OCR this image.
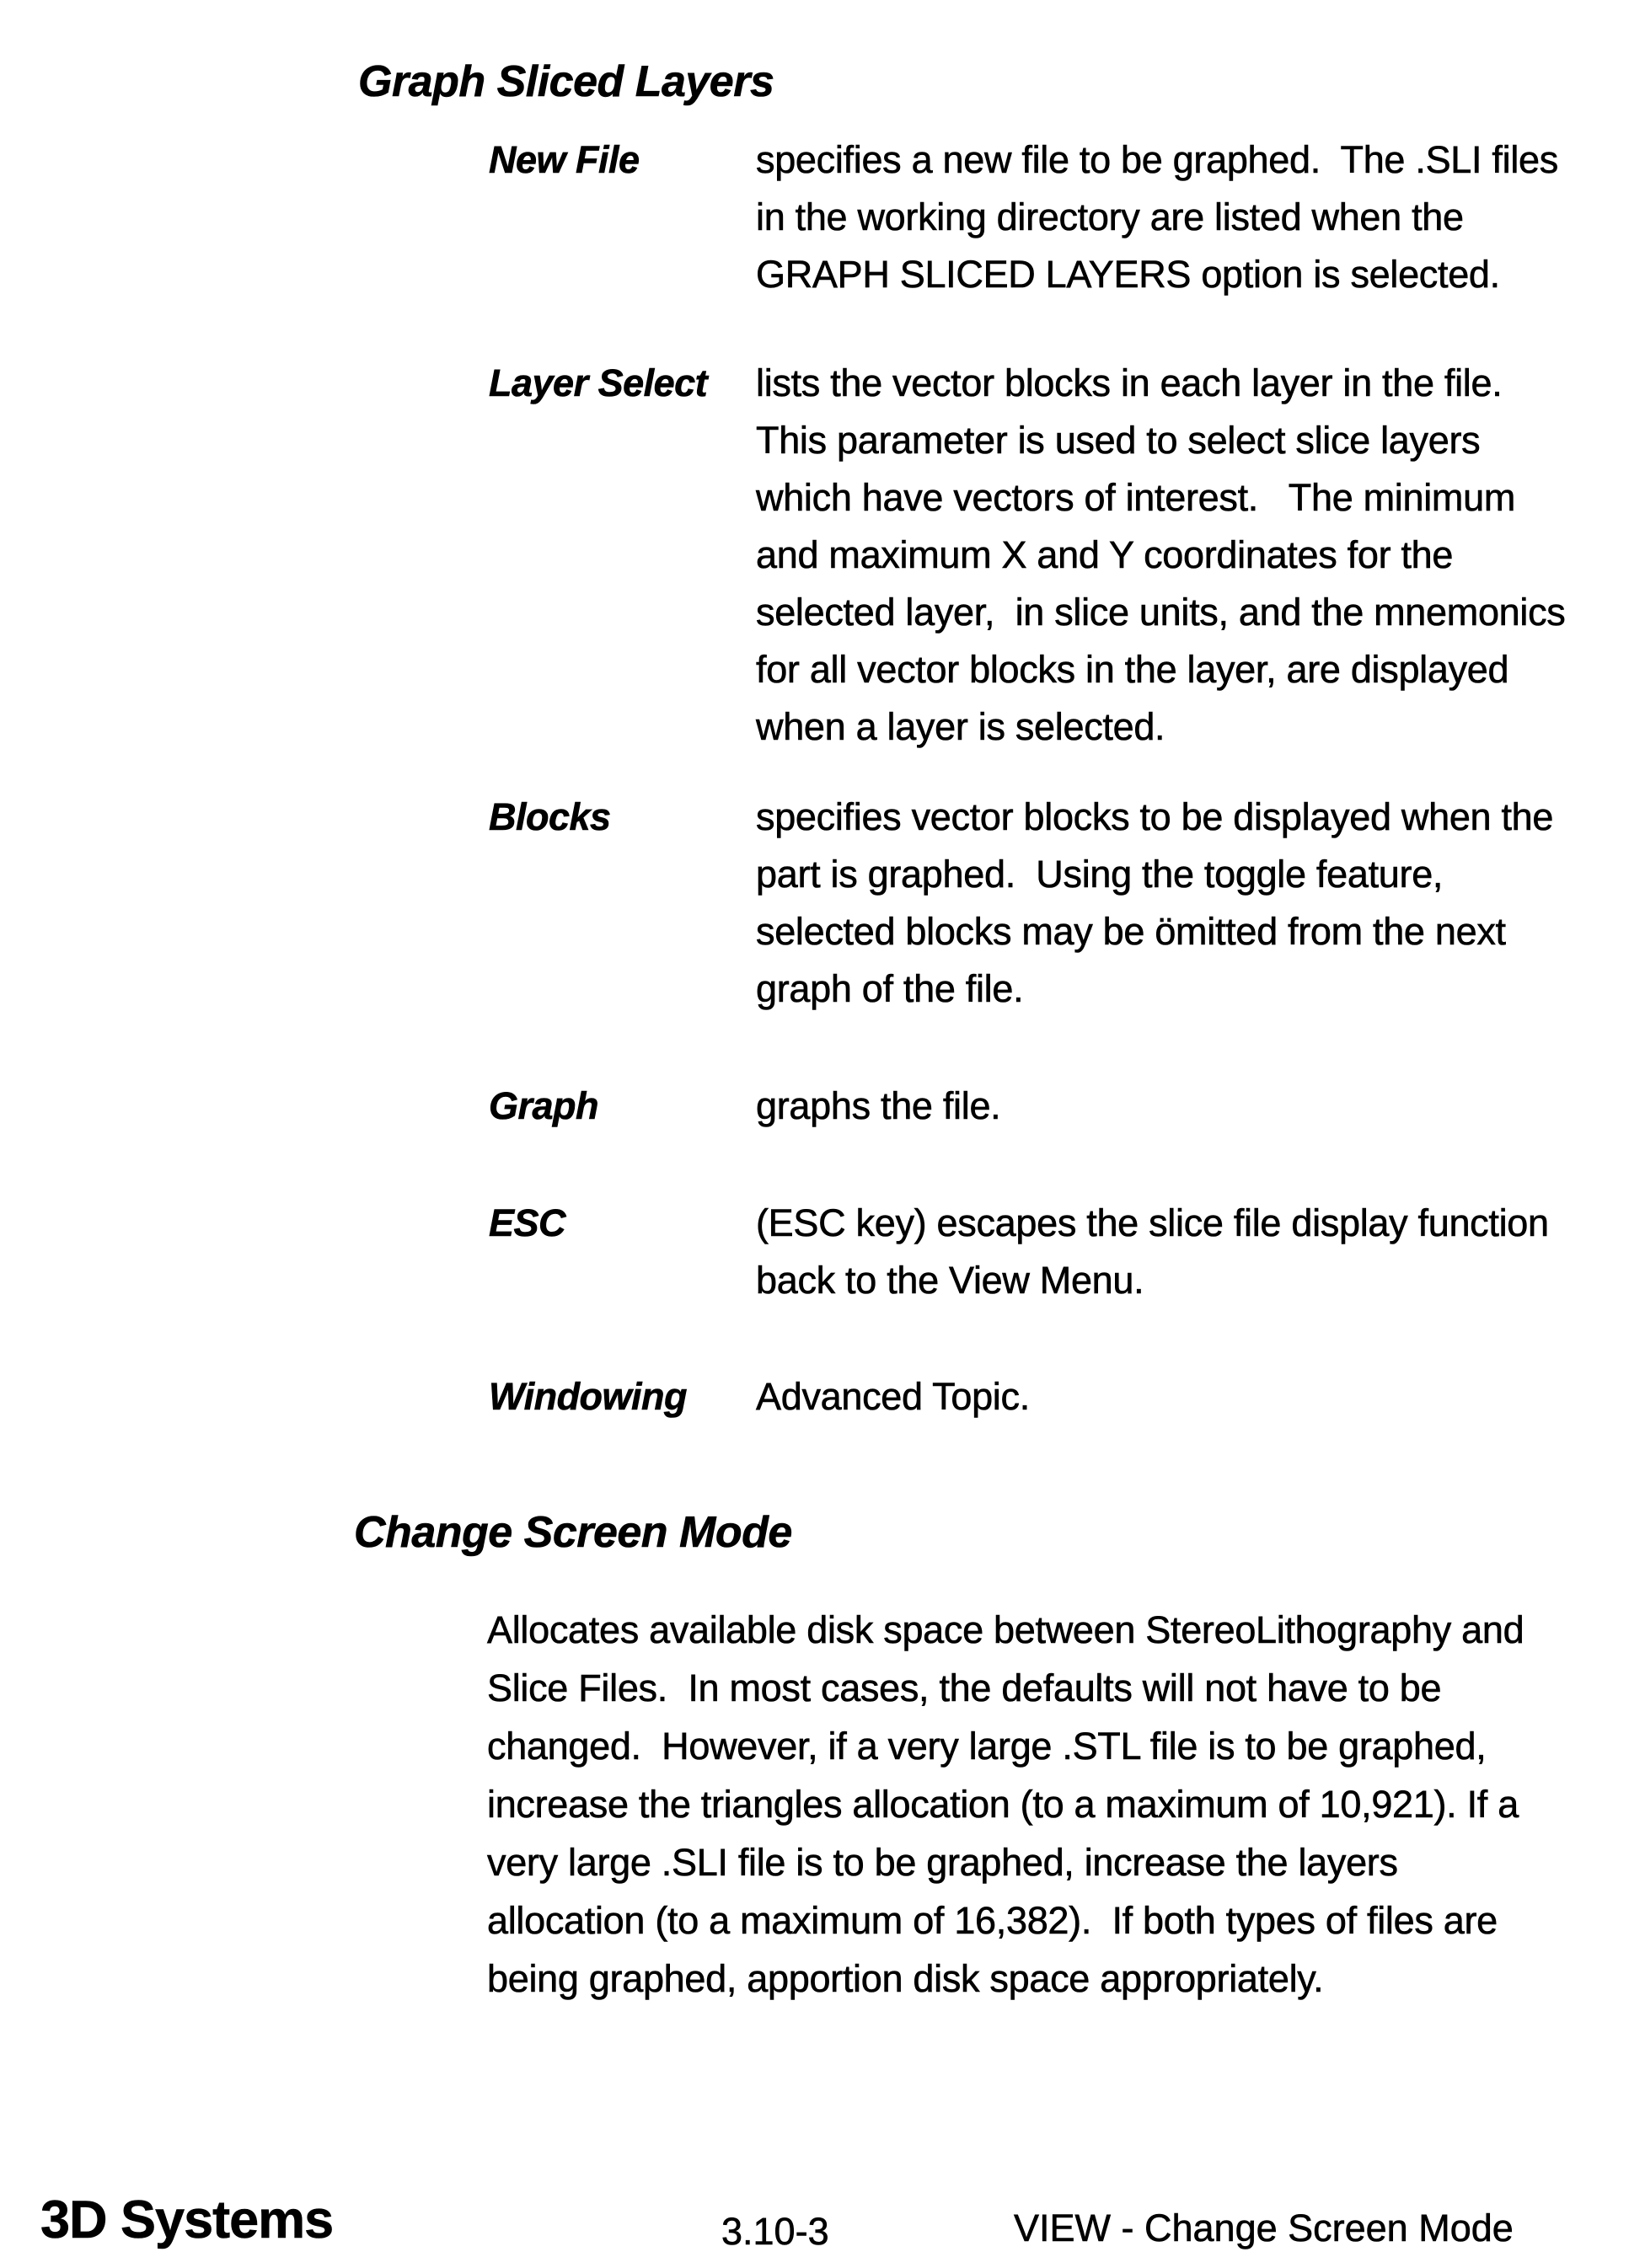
Graph Sliced Layers
New File	specifies a new file to be graphed.  The .SLI files in the working directory are listed when the GRAPH SLICED LAYERS option is selected.
Layer Select	lists the vector blocks in each layer in the file. This parameter is used to select slice layers which have vectors of interest.   The minimum and maximum X and Y coordinates for the selected layer,  in slice units, and the mnemonics for all vector blocks in the layer, are displayed when a layer is selected.
Blocks	specifies vector blocks to be displayed when the part is graphed.  Using the toggle feature, selected blocks may be ömitted from the next graph of the file.
Graph	graphs the file.
ESC	(ESC key) escapes the slice file display function back to the View Menu.
Windowing	Advanced Topic.
Change Screen Mode

Allocates available disk space between StereoLithography and Slice Files.  In most cases, the defaults will not have to be changed.  However, if a very large .STL file is to be graphed, increase the triangles allocation (to a maximum of 10,921). If a very large .SLI file is to be graphed, increase the layers allocation (to a maximum of 16,382).  If both types of files are being graphed, apportion disk space appropriately.

3D Systems	3.10-3	VIEW - Change Screen Mode
